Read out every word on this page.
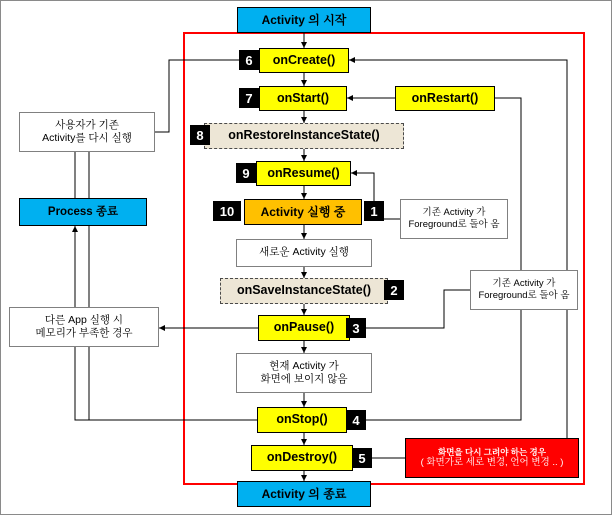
Activity 의 시작
onCreate()
6
onStart()
7	onRestart()
onRestoreInstanceState()
8
onResume()
9
Activity 실행 중
10	1
새로운 Activity 실행
onSaveInstanceState()	2
onPause()	3
현재 Activity 가
화면에 보이지 않음
onStop()	4
onDestroy()	5
Activity 의 종료
Process 종료
사용자가 기존
Activity를 다시 실행
다른 App 실행 시
메모리가 부족한 경우
기존 Activity 가
Foreground로 돌아 옴
기존 Activity 가
Foreground로 돌아 옴
화면을 다시 그려야 하는 경우
( 화면가로 세로 변경, 언어 변경 .. )
